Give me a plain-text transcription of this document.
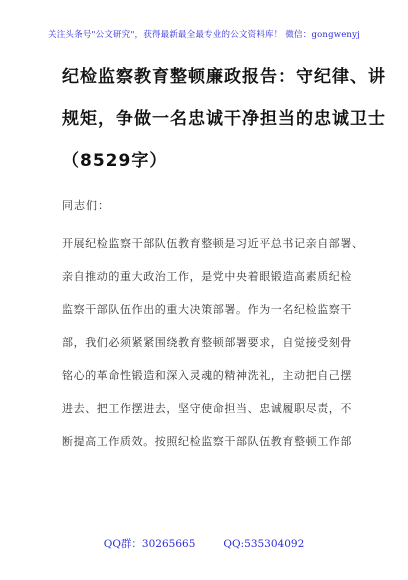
关注头条号"公文研究"，获得最新最全最专业的公文资料库！ 微信：gongwenyj
纪检监察教育整顿廉政报告：守纪律、讲
规矩，争做一名忠诚干净担当的忠诚卫士
（8529字）
同志们：
开展纪检监察干部队伍教育整顿是习近平总书记亲自部署、
亲自推动的重大政治工作，是党中央着眼锻造高素质纪检
监察干部队伍作出的重大决策部署。作为一名纪检监察干
部，我们必须紧紧围绕教育整顿部署要求，自觉接受刻骨
铭心的革命性锻造和深入灵魂的精神洗礼，主动把自己摆
进去、把工作摆进去，坚守使命担当、忠诚履职尽责，不
断提高工作质效。按照纪检监察干部队伍教育整顿工作部
QQ群：30265665	QQ:535304092
